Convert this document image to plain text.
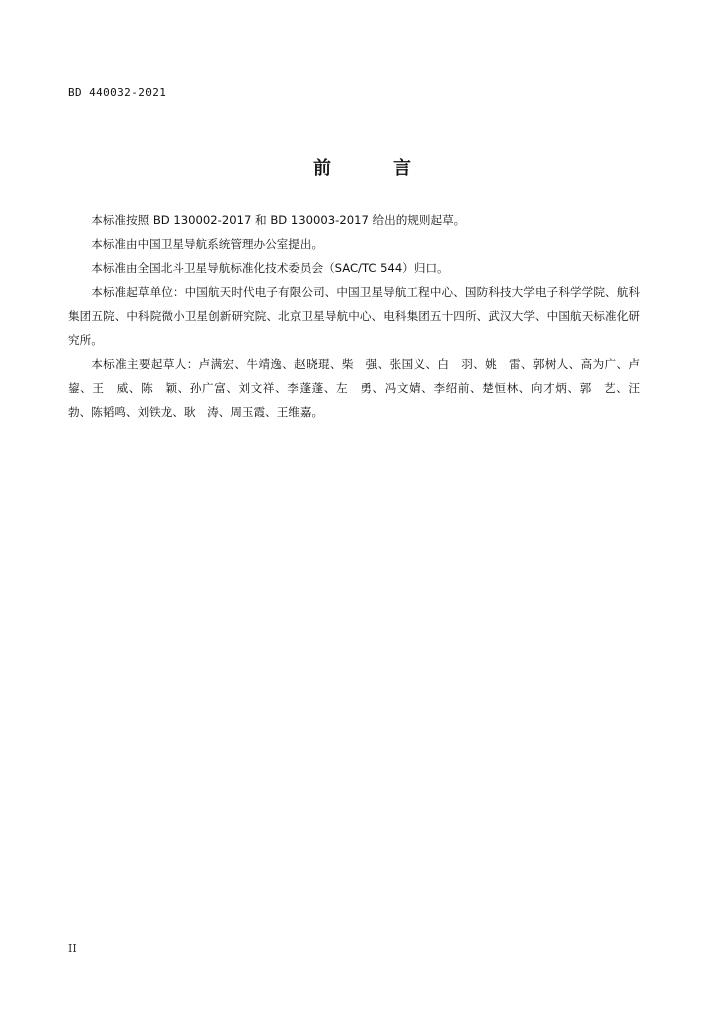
BD 440032-2021
前　言

本标准按照 BD 130002-2017 和 BD 130003-2017 给出的规则起草。

本标准由中国卫星导航系统管理办公室提出。

本标准由全国北斗卫星导航标准化技术委员会（SAC/TC 544）归口。

本标准起草单位：中国航天时代电子有限公司、中国卫星导航工程中心、国防科技大学电子科学学院、航科集团五院、中科院微小卫星创新研究院、北京卫星导航中心、电科集团五十四所、武汉大学、中国航天标准化研究所。

本标准主要起草人：卢满宏、牛靖逸、赵晓琨、柴　强、张国义、白　羽、姚　雷、郭树人、高为广、卢　鋆、王　威、陈　颖、孙广富、刘文祥、李蓬蓬、左　勇、冯文婧、李绍前、楚恒林、向才炳、郭　艺、汪　勃、陈韬鸣、刘铁龙、耿　涛、周玉霞、王维嘉。

II
